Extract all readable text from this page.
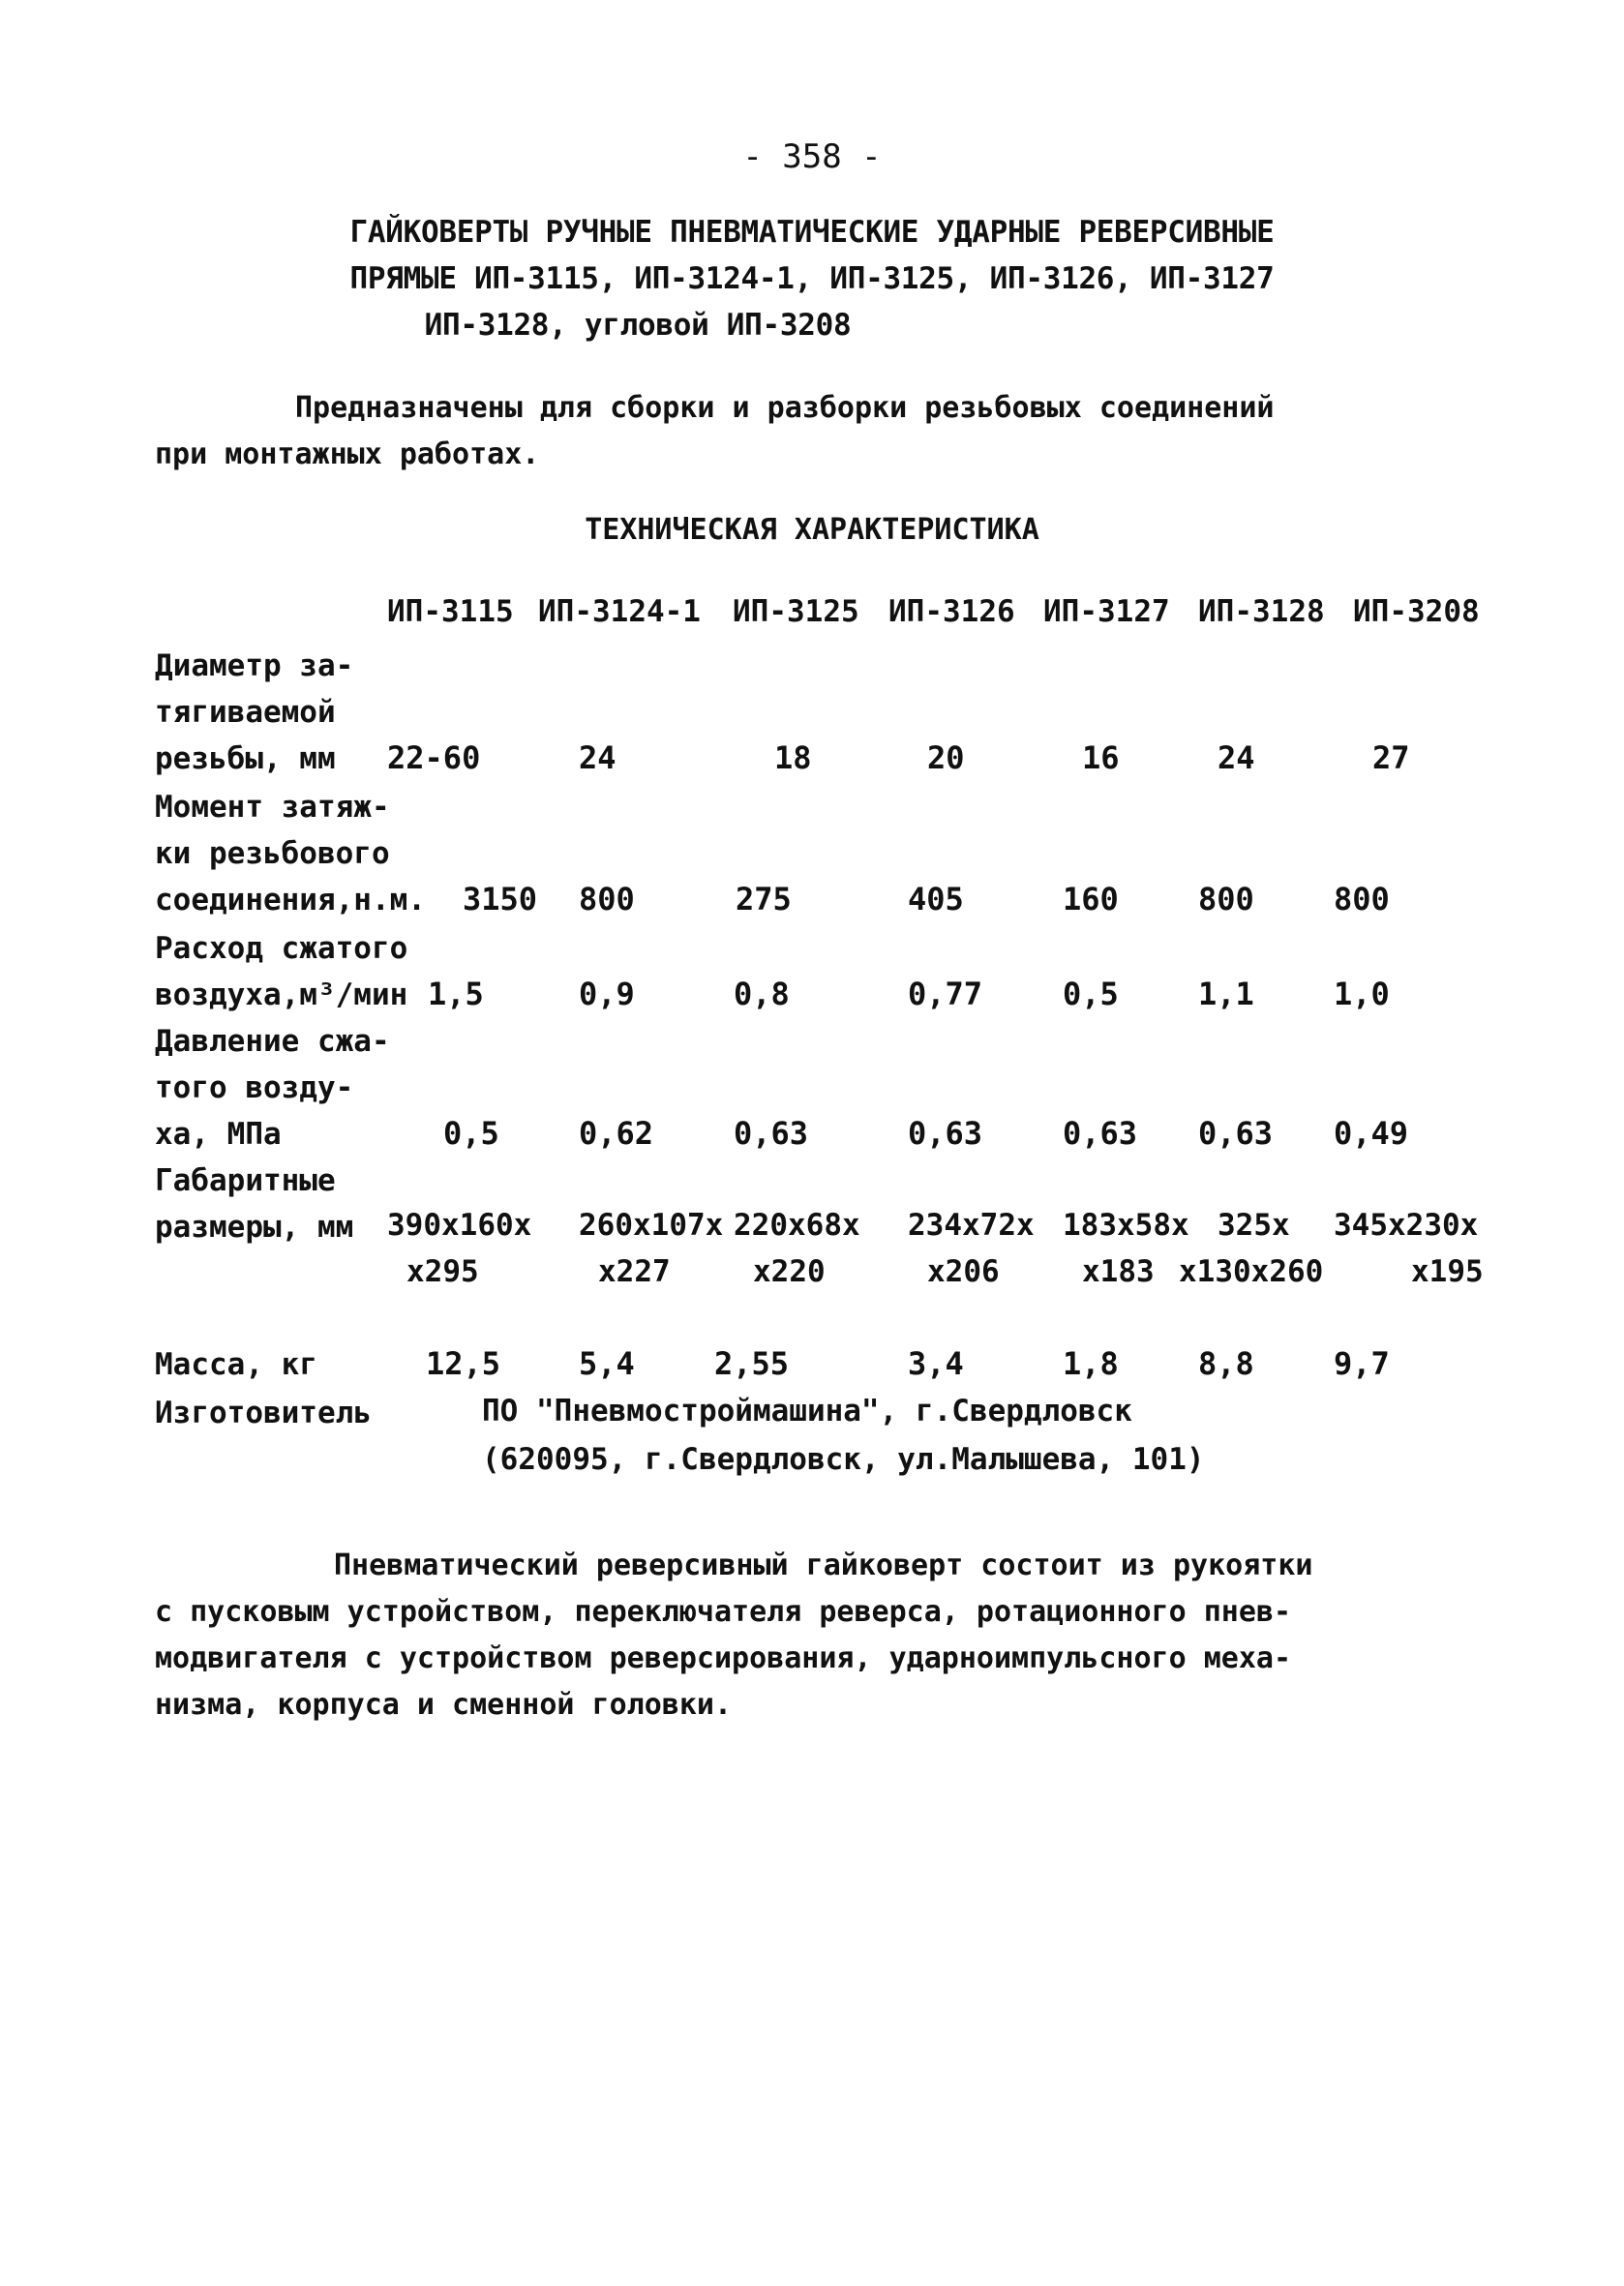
- 358 -
ГАЙКОВЕРТЫ РУЧНЫЕ ПНЕВМАТИЧЕСКИЕ УДАРНЫЕ РЕВЕРСИВНЫЕ
ПРЯМЫЕ ИП-3115, ИП-3124-1, ИП-3125, ИП-3126, ИП-3127
ИП-3128, угловой ИП-3208
Предназначены для сборки и разборки резьбовых соединений
при монтажных работах.
ТЕХНИЧЕСКАЯ ХАРАКТЕРИСТИКА
ИП-3115 ИП-3124-1 ИП-3125 ИП-3126 ИП-3127 ИП-3128 ИП-3208
Диаметр за-
тягиваемой
резьбы, мм 22-60	24	18	20	16	24	27
Момент затяж-
ки резьбового
соединения,н.м. 3150 800	275	405	160	800	800
Расход сжатого
воздуха,м³/мин 1,5	0,9	0,8	0,77	0,5	1,1	1,0
Давление сжа-
того возду-
ха, МПа	0,5	0,62	0,63	0,63	0,63 0,63 0,49
Габаритные
размеры, мм 390x160x 260x107x 220x68x 234x72x 183x58x 325x 345x230x
x295	x227	x220	x206	x183 x130x260	x195
Масса, кг	12,5	5,4	2,55	3,4	1,8	8,8	9,7
Изготовитель	ПО "Пневмостроймашина", г.Свердловск
(620095, г.Свердловск, ул.Малышева, 101)
Пневматический реверсивный гайковерт состоит из рукоятки
с пусковым устройством, переключателя реверса, ротационного пнев-
модвигателя с устройством реверсирования, ударноимпульсного меха-
низма, корпуса и сменной головки.
